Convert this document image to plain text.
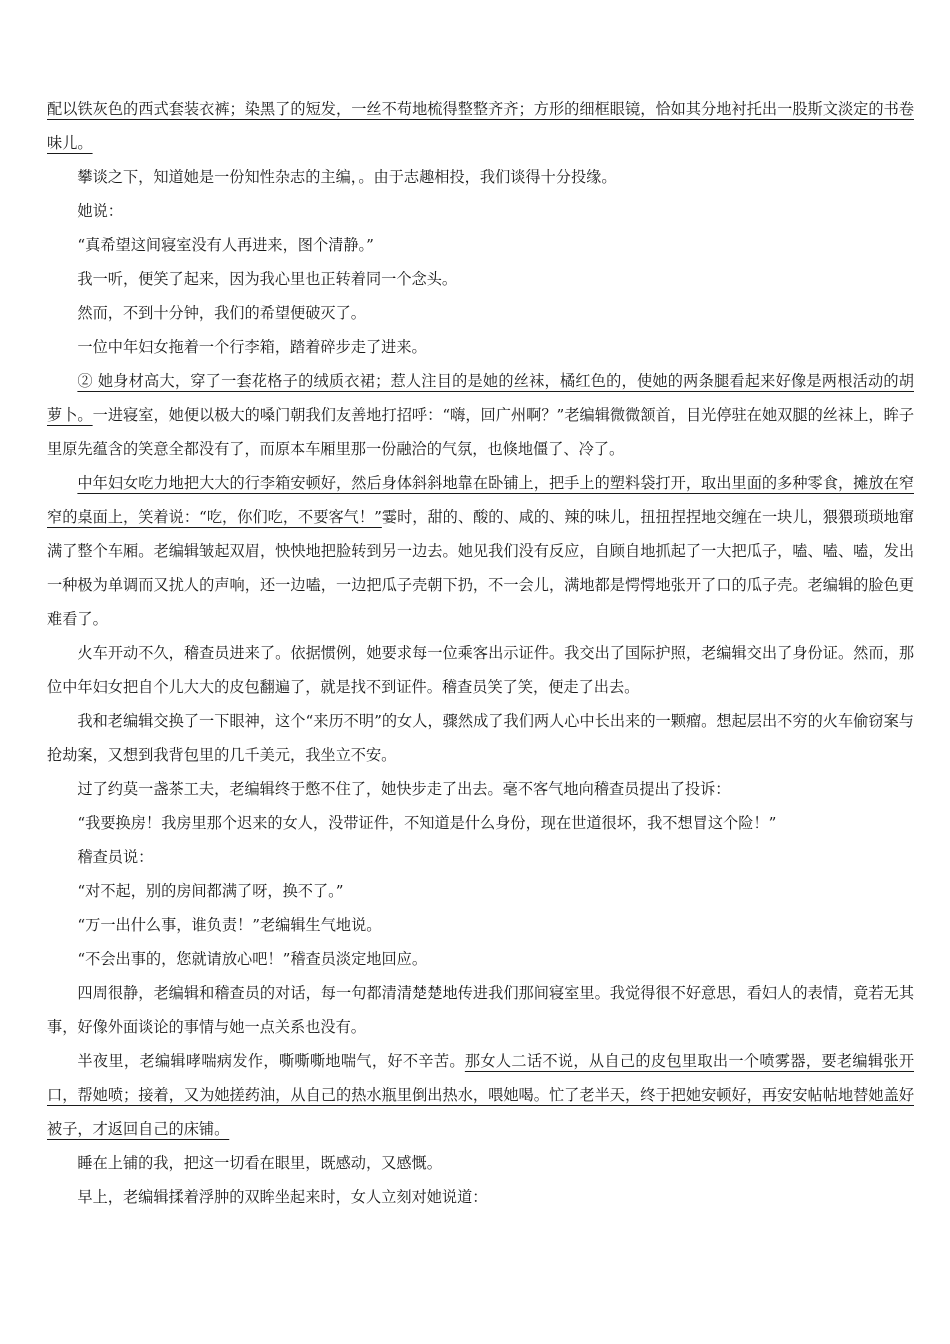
配以铁灰色的西式套装衣裤；染黑了的短发，一丝不苟地梳得整整齐齐；方形的细框眼镜，恰如其分地衬托出一股斯文淡定的书卷味儿。

攀谈之下，知道她是一份知性杂志的主编，。由于志趣相投，我们谈得十分投缘。

她说：

“真希望这间寝室没有人再进来，图个清静。”

我一听，便笑了起来，因为我心里也正转着同一个念头。

然而，不到十分钟，我们的希望便破灭了。

一位中年妇女拖着一个行李箱，踏着碎步走了进来。

② 她身材高大，穿了一套花格子的绒质衣裙；惹人注目的是她的丝袜，橘红色的，使她的两条腿看起来好像是两根活动的胡萝卜。一进寝室，她便以极大的嗓门朝我们友善地打招呼：“嗨，回广州啊？”老编辑微微颔首，目光停驻在她双腿的丝袜上，眸子里原先蕴含的笑意全都没有了，而原本车厢里那一份融洽的气氛，也倏地僵了、冷了。

中年妇女吃力地把大大的行李箱安顿好，然后身体斜斜地靠在卧铺上，把手上的塑料袋打开，取出里面的多种零食，摊放在窄窄的桌面上，笑着说：“吃，你们吃，不要客气！”霎时，甜的、酸的、咸的、辣的味儿，扭扭捏捏地交缠在一块儿，猥猥琐琐地窜满了整个车厢。老编辑皱起双眉，怏怏地把脸转到另一边去。她见我们没有反应，自顾自地抓起了一大把瓜子，嗑、嗑、嗑，发出一种极为单调而又扰人的声响，还一边嗑，一边把瓜子壳朝下扔，不一会儿，满地都是愕愕地张开了口的瓜子壳。老编辑的脸色更难看了。

火车开动不久，稽查员进来了。依据惯例，她要求每一位乘客出示证件。我交出了国际护照，老编辑交出了身份证。然而，那位中年妇女把自个儿大大的皮包翻遍了，就是找不到证件。稽查员笑了笑，便走了出去。

我和老编辑交换了一下眼神，这个“来历不明”的女人，骤然成了我们两人心中长出来的一颗瘤。想起层出不穷的火车偷窃案与抢劫案，又想到我背包里的几千美元，我坐立不安。

过了约莫一盏茶工夫，老编辑终于憋不住了，她快步走了出去。毫不客气地向稽查员提出了投诉：

“我要换房！我房里那个迟来的女人，没带证件，不知道是什么身份，现在世道很坏，我不想冒这个险！”

稽查员说：

“对不起，别的房间都满了呀，换不了。”

“万一出什么事，谁负责！”老编辑生气地说。

“不会出事的，您就请放心吧！”稽查员淡定地回应。

四周很静，老编辑和稽查员的对话，每一句都清清楚楚地传进我们那间寝室里。我觉得很不好意思，看妇人的表情，竟若无其事，好像外面谈论的事情与她一点关系也没有。

半夜里，老编辑哮喘病发作，嘶嘶嘶地喘气，好不辛苦。那女人二话不说，从自己的皮包里取出一个喷雾器，要老编辑张开口，帮她喷；接着，又为她搓药油，从自己的热水瓶里倒出热水，喂她喝。忙了老半天，终于把她安顿好，再安安帖帖地替她盖好被子，才返回自己的床铺。

睡在上铺的我，把这一切看在眼里，既感动，又感慨。

早上，老编辑揉着浮肿的双眸坐起来时，女人立刻对她说道：
